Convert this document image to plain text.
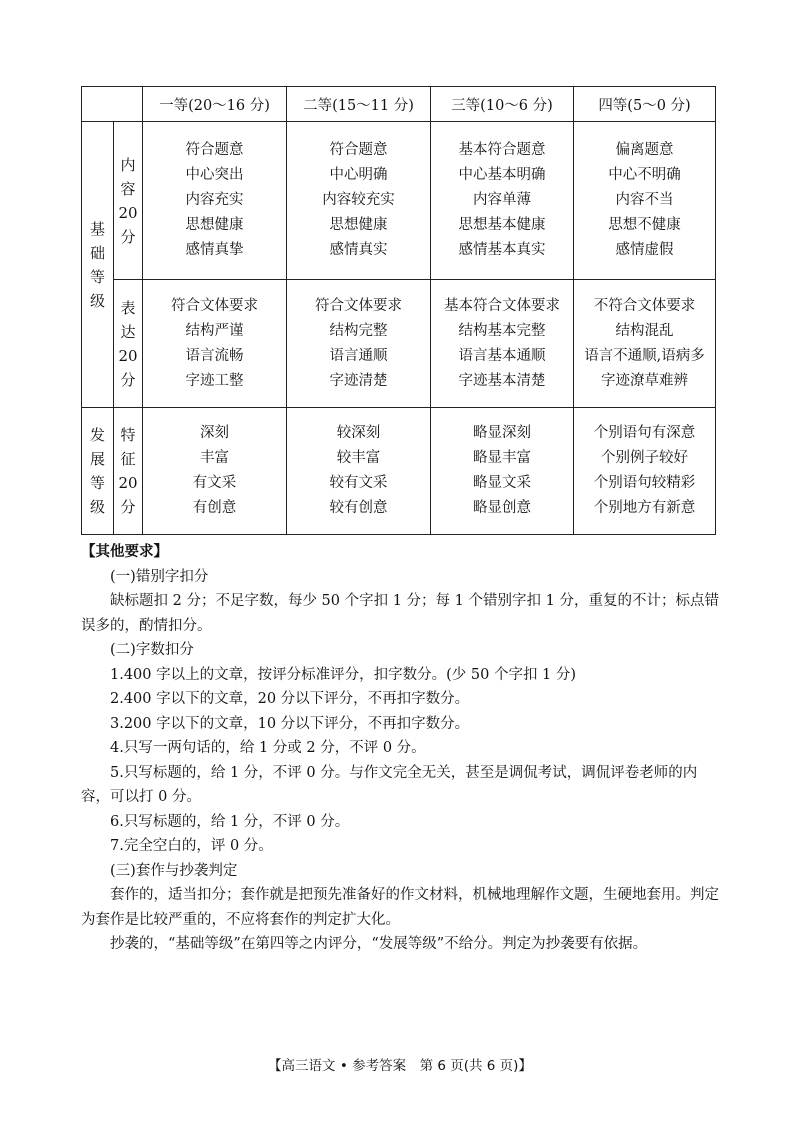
		一等(20～16 分)	二等(15～11 分)	三等(10～6 分)	四等(5～0 分)

基
础
等
级	内
容
20
分	符合题意
中心突出
内容充实
思想健康
感情真挚	符合题意
中心明确
内容较充实
思想健康
感情真实	基本符合题意
中心基本明确
内容单薄
思想基本健康
感情基本真实	偏离题意
中心不明确
内容不当
思想不健康
感情虚假

	表
达
20
分	符合文体要求
结构严谨
语言流畅
字迹工整	符合文体要求
结构完整
语言通顺
字迹清楚	基本符合文体要求
结构基本完整
语言基本通顺
字迹基本清楚	不符合文体要求
结构混乱
语言不通顺,语病多
字迹潦草难辨

发
展
等
级	特
征
20
分	深刻
丰富
有文采
有创意	较深刻
较丰富
较有文采
较有创意	略显深刻
略显丰富
略显文采
略显创意	个别语句有深意
个别例子较好
个别语句较精彩
个别地方有新意

【其他要求】

(一)错别字扣分

缺标题扣 2 分；不足字数，每少 50 个字扣 1 分；每 1 个错别字扣 1 分，重复的不计；标点错误多的，酌情扣分。

(二)字数扣分

1.400 字以上的文章，按评分标准评分，扣字数分。(少 50 个字扣 1 分)

2.400 字以下的文章，20 分以下评分，不再扣字数分。

3.200 字以下的文章，10 分以下评分，不再扣字数分。

4.只写一两句话的，给 1 分或 2 分，不评 0 分。

5.只写标题的，给 1 分，不评 0 分。与作文完全无关，甚至是调侃考试，调侃评卷老师的内容，可以打 0 分。

6.只写标题的，给 1 分，不评 0 分。

7.完全空白的，评 0 分。

(三)套作与抄袭判定

套作的，适当扣分；套作就是把预先准备好的作文材料，机械地理解作文题，生硬地套用。判定为套作是比较严重的，不应将套作的判定扩大化。

抄袭的，“基础等级”在第四等之内评分，“发展等级”不给分。判定为抄袭要有依据。

【高三语文 • 参考答案　第 6 页(共 6 页)】
